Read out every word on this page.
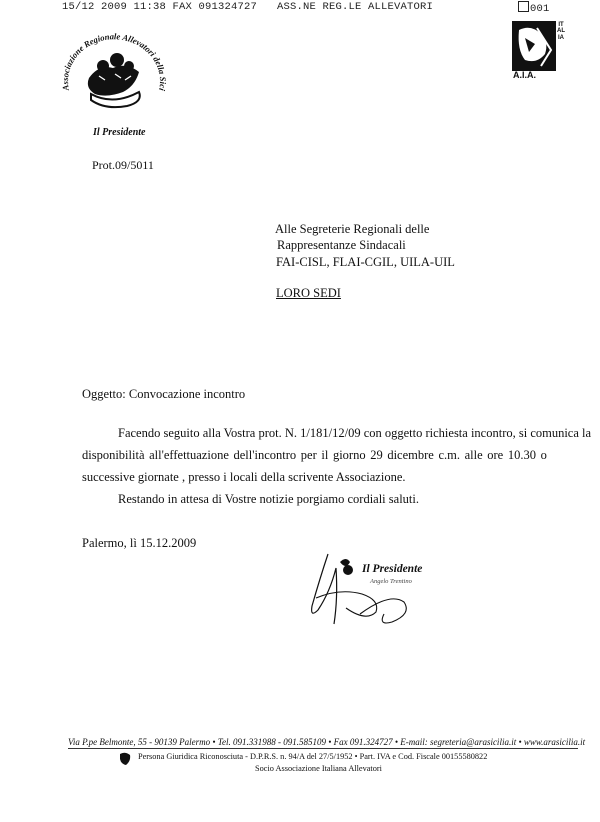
15/12 2009 11:38 FAX 091324727 ASS.NE REG.LE ALLEVATORI	001
Associazione Regionale Allevatori della Sici
Il Presidente
ITALIA
A.I.A.
Prot.09/5011
Alle Segreterie Regionali delle
Rappresentanze Sindacali
FAI-CISL, FLAI-CGIL, UILA-UIL
LORO SEDI
Oggetto: Convocazione incontro
Facendo seguito alla Vostra prot. N. 1/181/12/09 con oggetto richiesta incontro, si comunica la
disponibilità all'effettuazione dell'incontro per il giorno 29 dicembre c.m. alle ore 10.30 o
successive giornate , presso i locali della scrivente Associazione.
Restando in attesa di Vostre notizie porgiamo cordiali saluti.
Palermo, lì 15.12.2009
Il Presidente
Angelo Trentino
Via P.pe Belmonte, 55 - 90139 Palermo • Tel. 091.331988 - 091.585109 • Fax 091.324727 • E-mail: segreteria@arasicilia.it • www.arasicilia.it
Persona Giuridica Riconosciuta - D.P.R.S. n. 94/A del 27/5/1952 • Part. IVA e Cod. Fiscale 00155580822
Socio Associazione Italiana Allevatori
